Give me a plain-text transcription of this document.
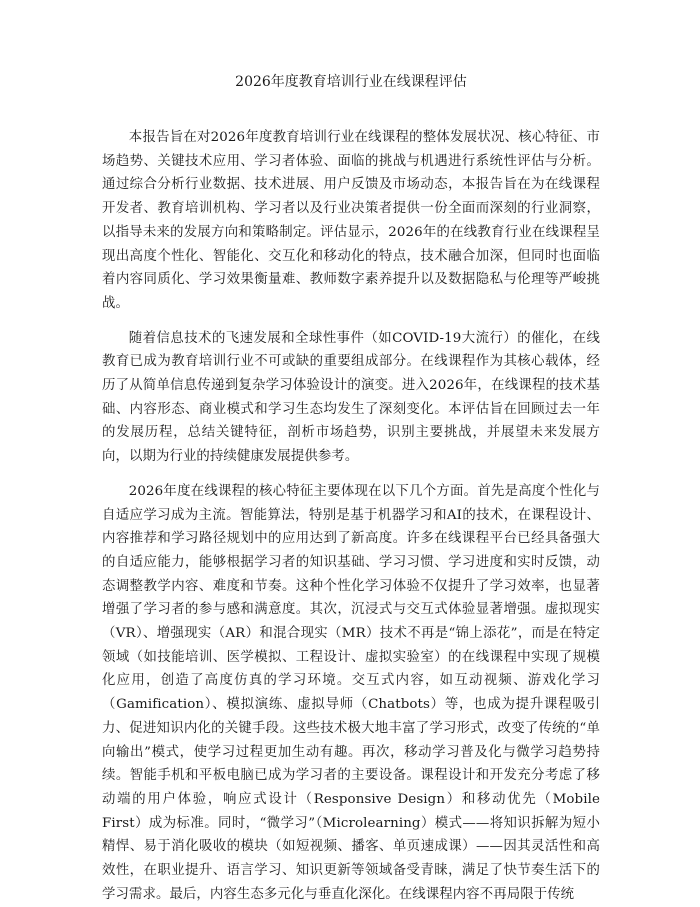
2026年度教育培训行业在线课程评估

本报告旨在对2026年度教育培训行业在线课程的整体发展状况、核心特征、市场趋势、关键技术应用、学习者体验、面临的挑战与机遇进行系统性评估与分析。通过综合分析行业数据、技术进展、用户反馈及市场动态，本报告旨在为在线课程开发者、教育培训机构、学习者以及行业决策者提供一份全面而深刻的行业洞察，以指导未来的发展方向和策略制定。评估显示，2026年的在线教育行业在线课程呈现出高度个性化、智能化、交互化和移动化的特点，技术融合加深，但同时也面临着内容同质化、学习效果衡量难、教师数字素养提升以及数据隐私与伦理等严峻挑战。

随着信息技术的飞速发展和全球性事件（如COVID-19大流行）的催化，在线教育已成为教育培训行业不可或缺的重要组成部分。在线课程作为其核心载体，经历了从简单信息传递到复杂学习体验设计的演变。进入2026年，在线课程的技术基础、内容形态、商业模式和学习生态均发生了深刻变化。本评估旨在回顾过去一年的发展历程，总结关键特征，剖析市场趋势，识别主要挑战，并展望未来发展方向，以期为行业的持续健康发展提供参考。

2026年度在线课程的核心特征主要体现在以下几个方面。首先是高度个性化与自适应学习成为主流。智能算法，特别是基于机器学习和AI的技术，在课程设计、内容推荐和学习路径规划中的应用达到了新高度。许多在线课程平台已经具备强大的自适应能力，能够根据学习者的知识基础、学习习惯、学习进度和实时反馈，动态调整教学内容、难度和节奏。这种个性化学习体验不仅提升了学习效率，也显著增强了学习者的参与感和满意度。其次，沉浸式与交互式体验显著增强。虚拟现实（VR）、增强现实（AR）和混合现实（MR）技术不再是“锦上添花”，而是在特定领域（如技能培训、医学模拟、工程设计、虚拟实验室）的在线课程中实现了规模化应用，创造了高度仿真的学习环境。交互式内容，如互动视频、游戏化学习（Gamification）、模拟演练、虚拟导师（Chatbots）等，也成为提升课程吸引力、促进知识内化的关键手段。这些技术极大地丰富了学习形式，改变了传统的“单向输出”模式，使学习过程更加生动有趣。再次，移动学习普及化与微学习趋势持续。智能手机和平板电脑已成为学习者的主要设备。课程设计和开发充分考虑了移动端的用户体验，响应式设计（Responsive Design）和移动优先（Mobile First）成为标准。同时，“微学习”（Microlearning）模式——将知识拆解为短小精悍、易于消化吸收的模块（如短视频、播客、单页速成课）——因其灵活性和高效性，在职业提升、语言学习、知识更新等领域备受青睐，满足了快节奏生活下的学习需求。最后，内容生态多元化与垂直化深化。在线课程内容不再局限于传统
